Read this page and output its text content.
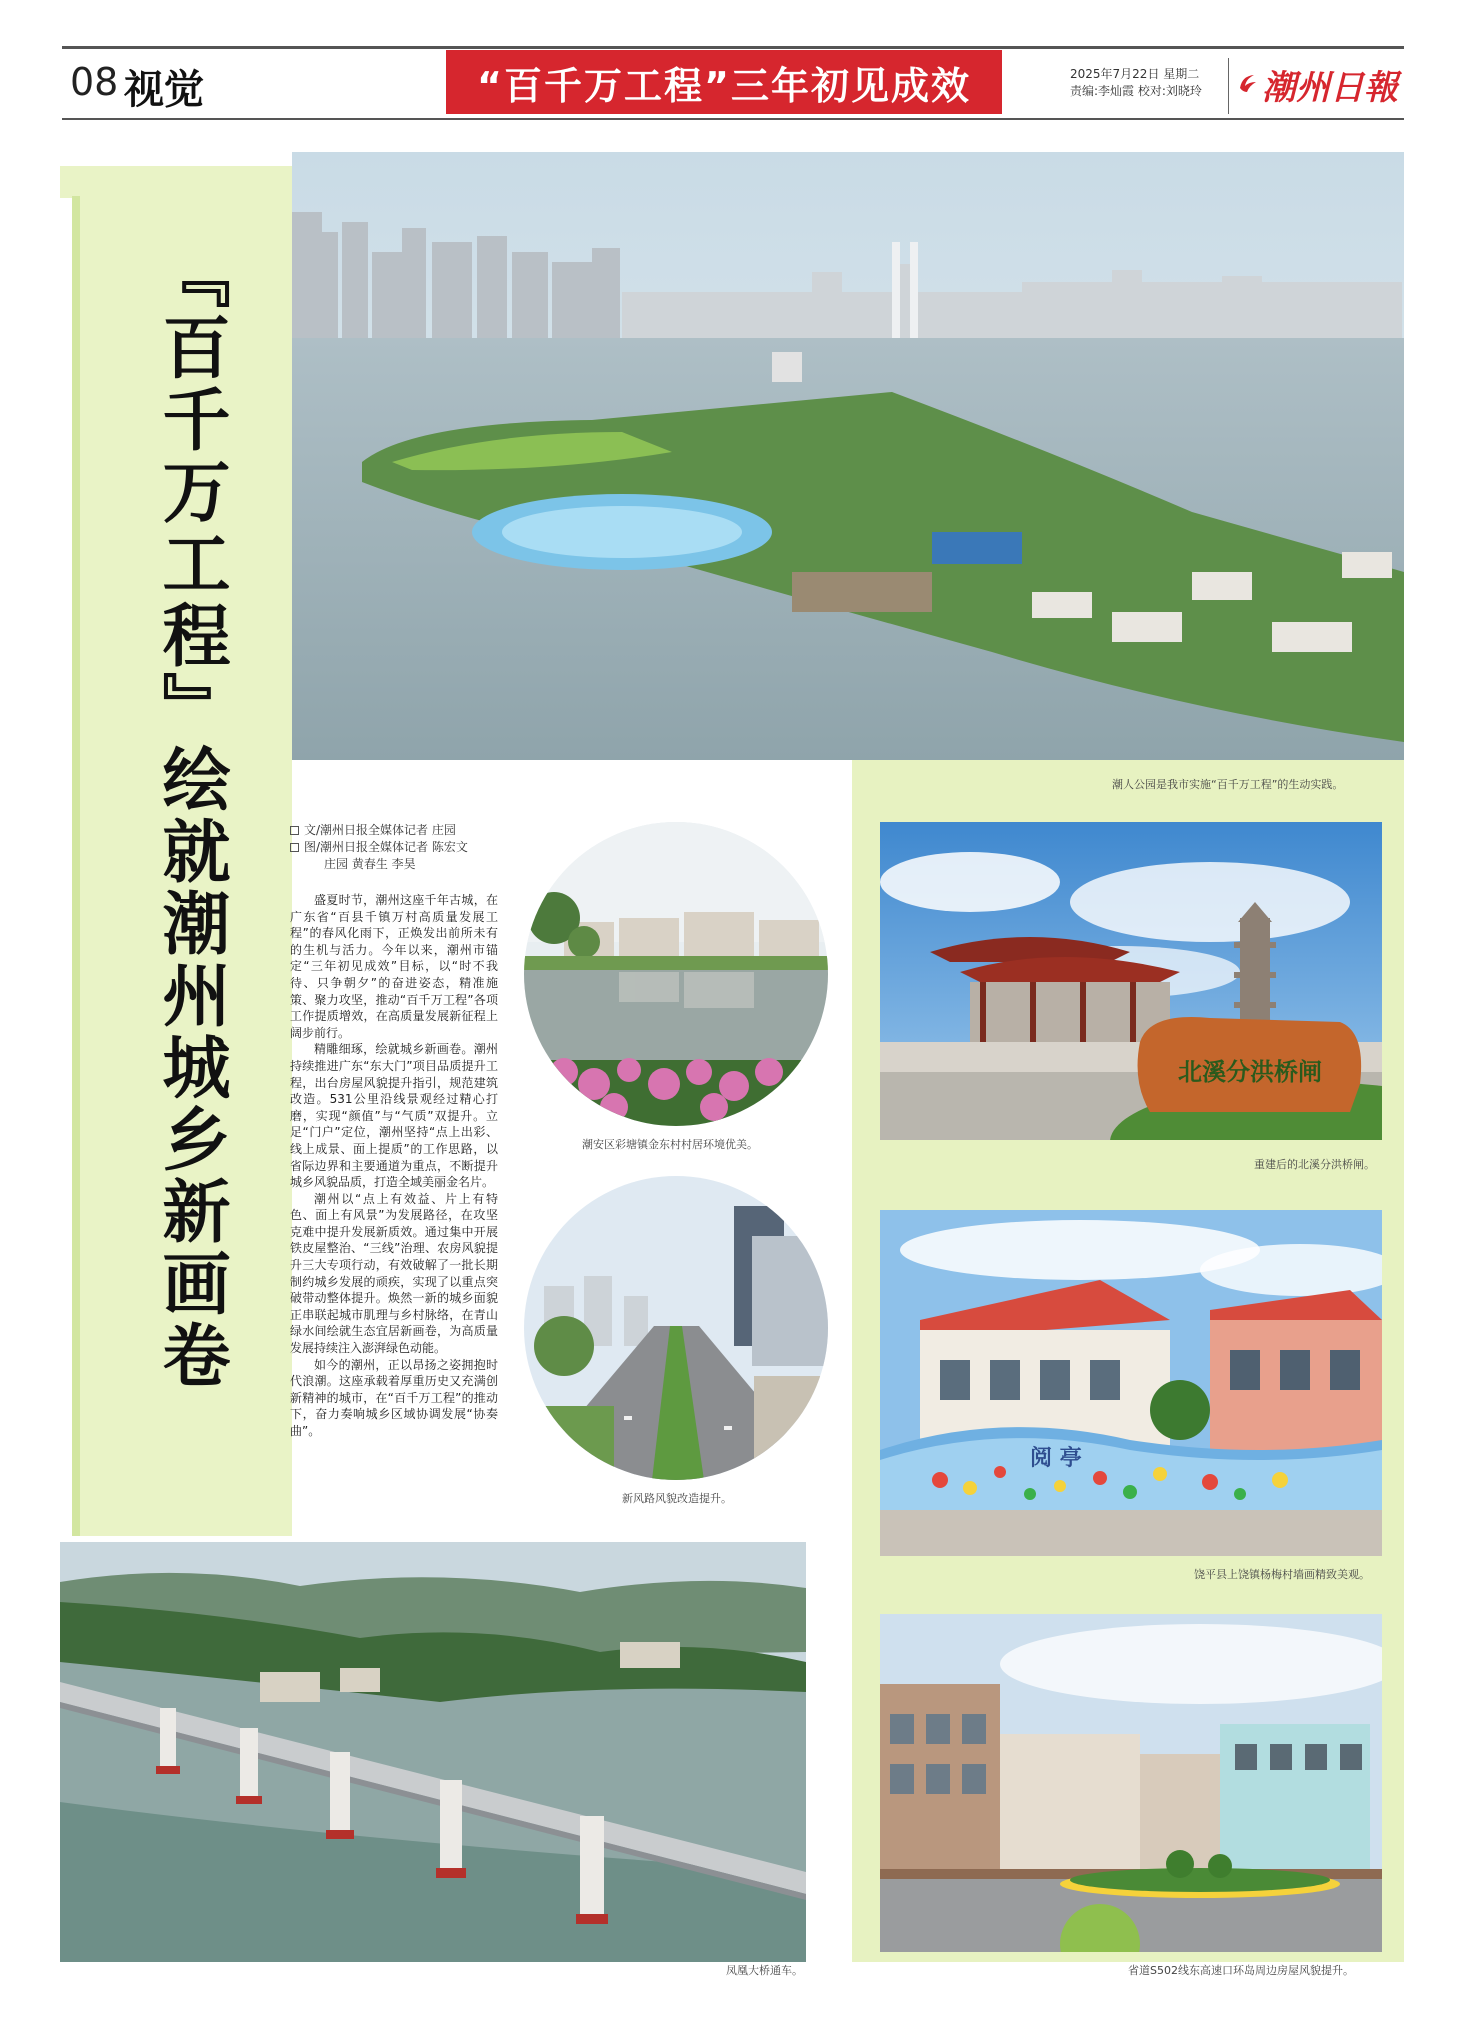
08 视觉	“百千万工程”三年初见成效	2025年7月22日 星期二
责编:李灿霞 校对:刘晓玲 潮州日報
『百千万工程』绘就潮州城乡新画卷	潮人公园是我市实施“百千万工程”的生动实践。
文/潮州日报全媒体记者 庄园
图/潮州日报全媒体记者 陈宏文
庄园 黄春生 李昊

盛夏时节，潮州这座千年古城，在广东省“百县千镇万村高质量发展工程”的春风化雨下，正焕发出前所未有的生机与活力。今年以来，潮州市锚定“三年初见成效”目标，以“时不我待、只争朝夕”的奋进姿态，精准施策、聚力攻坚，推动“百千万工程”各项工作提质增效，在高质量发展新征程上阔步前行。

精雕细琢，绘就城乡新画卷。潮州持续推进广东“东大门”项目品质提升工程，出台房屋风貌提升指引，规范建筑改造。531公里沿线景观经过精心打磨，实现“颜值”与“气质”双提升。立足“门户”定位，潮州坚持“点上出彩、线上成景、面上提质”的工作思路，以省际边界和主要通道为重点，不断提升城乡风貌品质，打造全域美丽金名片。

潮州以“点上有效益、片上有特色、面上有风景”为发展路径，在攻坚克难中提升发展新质效。通过集中开展铁皮屋整治、“三线”治理、农房风貌提升三大专项行动，有效破解了一批长期制约城乡发展的顽疾，实现了以重点突破带动整体提升。焕然一新的城乡面貌正串联起城市肌理与乡村脉络，在青山绿水间绘就生态宜居新画卷，为高质量发展持续注入澎湃绿色动能。

如今的潮州，正以昂扬之姿拥抱时代浪潮。这座承载着厚重历史又充满创新精神的城市，在“百千万工程”的推动下，奋力奏响城乡区域协调发展“协奏曲”。

潮安区彩塘镇金东村村居环境优美。
新风路风貌改造提升。
北溪分洪桥闸
重建后的北溪分洪桥闸。
阅 亭
饶平县上饶镇杨梅村墙画精致美观。
省道S502线东高速口环岛周边房屋风貌提升。
凤凰大桥通车。
